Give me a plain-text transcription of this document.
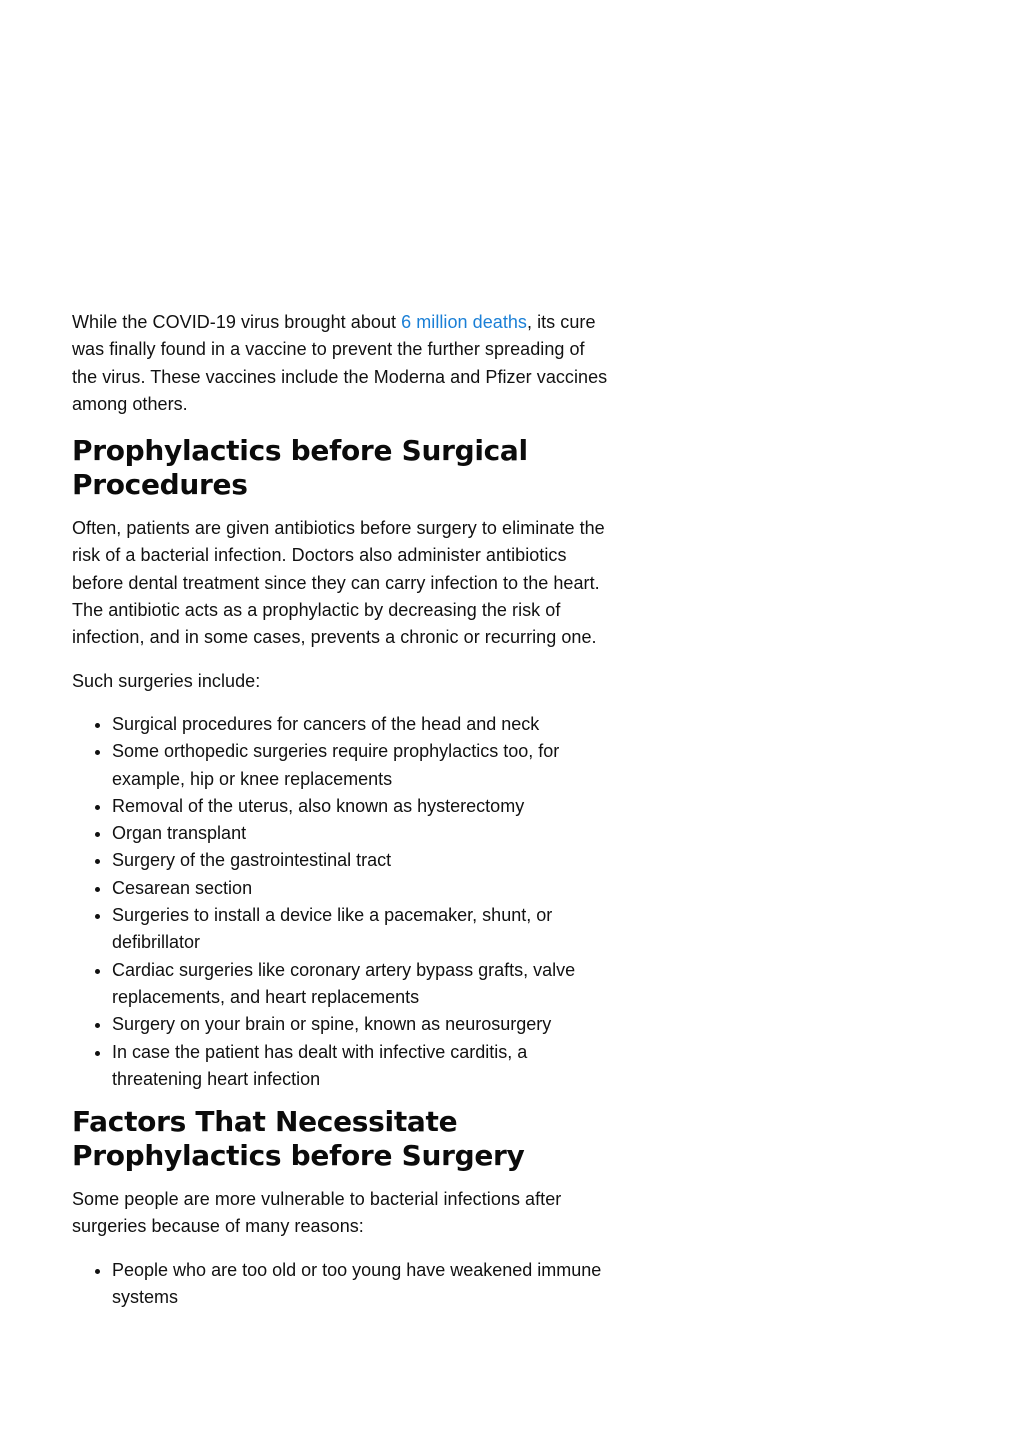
While the COVID-19 virus brought about 6 million deaths, its cure was finally found in a vaccine to prevent the further spreading of the virus. These vaccines include the Moderna and Pfizer vaccines among others.

Prophylactics before Surgical Procedures

Often, patients are given antibiotics before surgery to eliminate the risk of a bacterial infection. Doctors also administer antibiotics before dental treatment since they can carry infection to the heart. The antibiotic acts as a prophylactic by decreasing the risk of infection, and in some cases, prevents a chronic or recurring one.

Such surgeries include:

• Surgical procedures for cancers of the head and neck
• Some orthopedic surgeries require prophylactics too, for example, hip or knee replacements
• Removal of the uterus, also known as hysterectomy
• Organ transplant
• Surgery of the gastrointestinal tract
• Cesarean section
• Surgeries to install a device like a pacemaker, shunt, or defibrillator
• Cardiac surgeries like coronary artery bypass grafts, valve replacements, and heart replacements
• Surgery on your brain or spine, known as neurosurgery
• In case the patient has dealt with infective carditis, a threatening heart infection
Factors That Necessitate Prophylactics before Surgery

Some people are more vulnerable to bacterial infections after surgeries because of many reasons:

• People who are too old or too young have weakened immune systems
